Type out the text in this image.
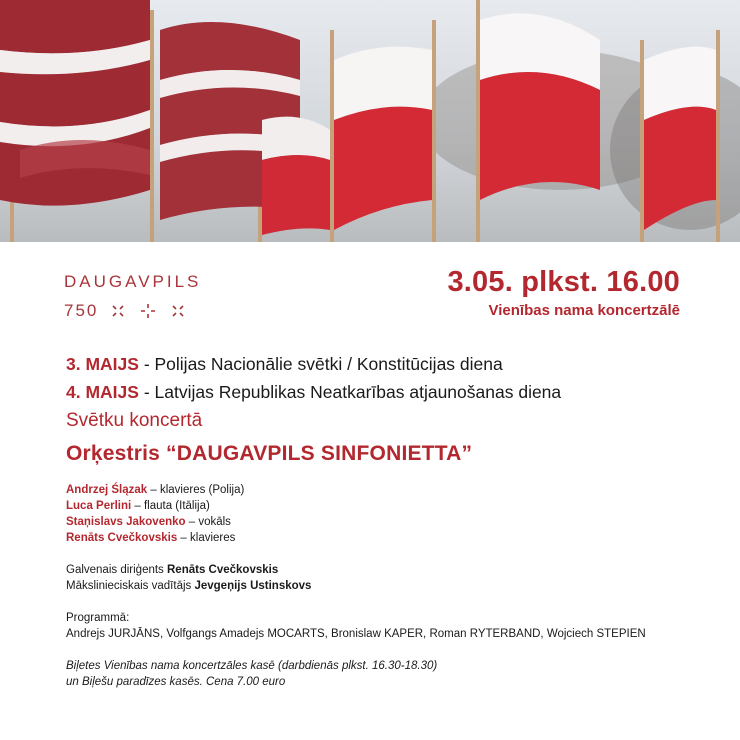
DAUGAVPILS
750
3.05. plkst. 16.00
Vienības nama koncertzālē
3. MAIJS - Polijas Nacionālie svētki / Konstitūcijas diena
4. MAIJS - Latvijas Republikas Neatkarības atjaunošanas diena
Svētku koncertā
Orķestris “DAUGAVPILS SINFONIETTA”
Andrzej Ślązak – klavieres (Polija)
Luca Perlini – flauta (Itālija)
Staņislavs Jakovenko – vokāls
Renāts Cvečkovskis – klavieres
Galvenais diriģents Renāts Cvečkovskis
Mākslinieciskais vadītājs Jevgeņijs Ustinskovs
Programmā:
Andrejs JURJĀNS, Volfgangs Amadejs MOCARTS, Bronislaw KAPER, Roman RYTERBAND, Wojciech STEPIEN
Biļetes Vienības nama koncertzāles kasē (darbdienās plkst. 16.30-18.30)
un Biļešu paradīzes kasēs. Cena 7.00 euro
